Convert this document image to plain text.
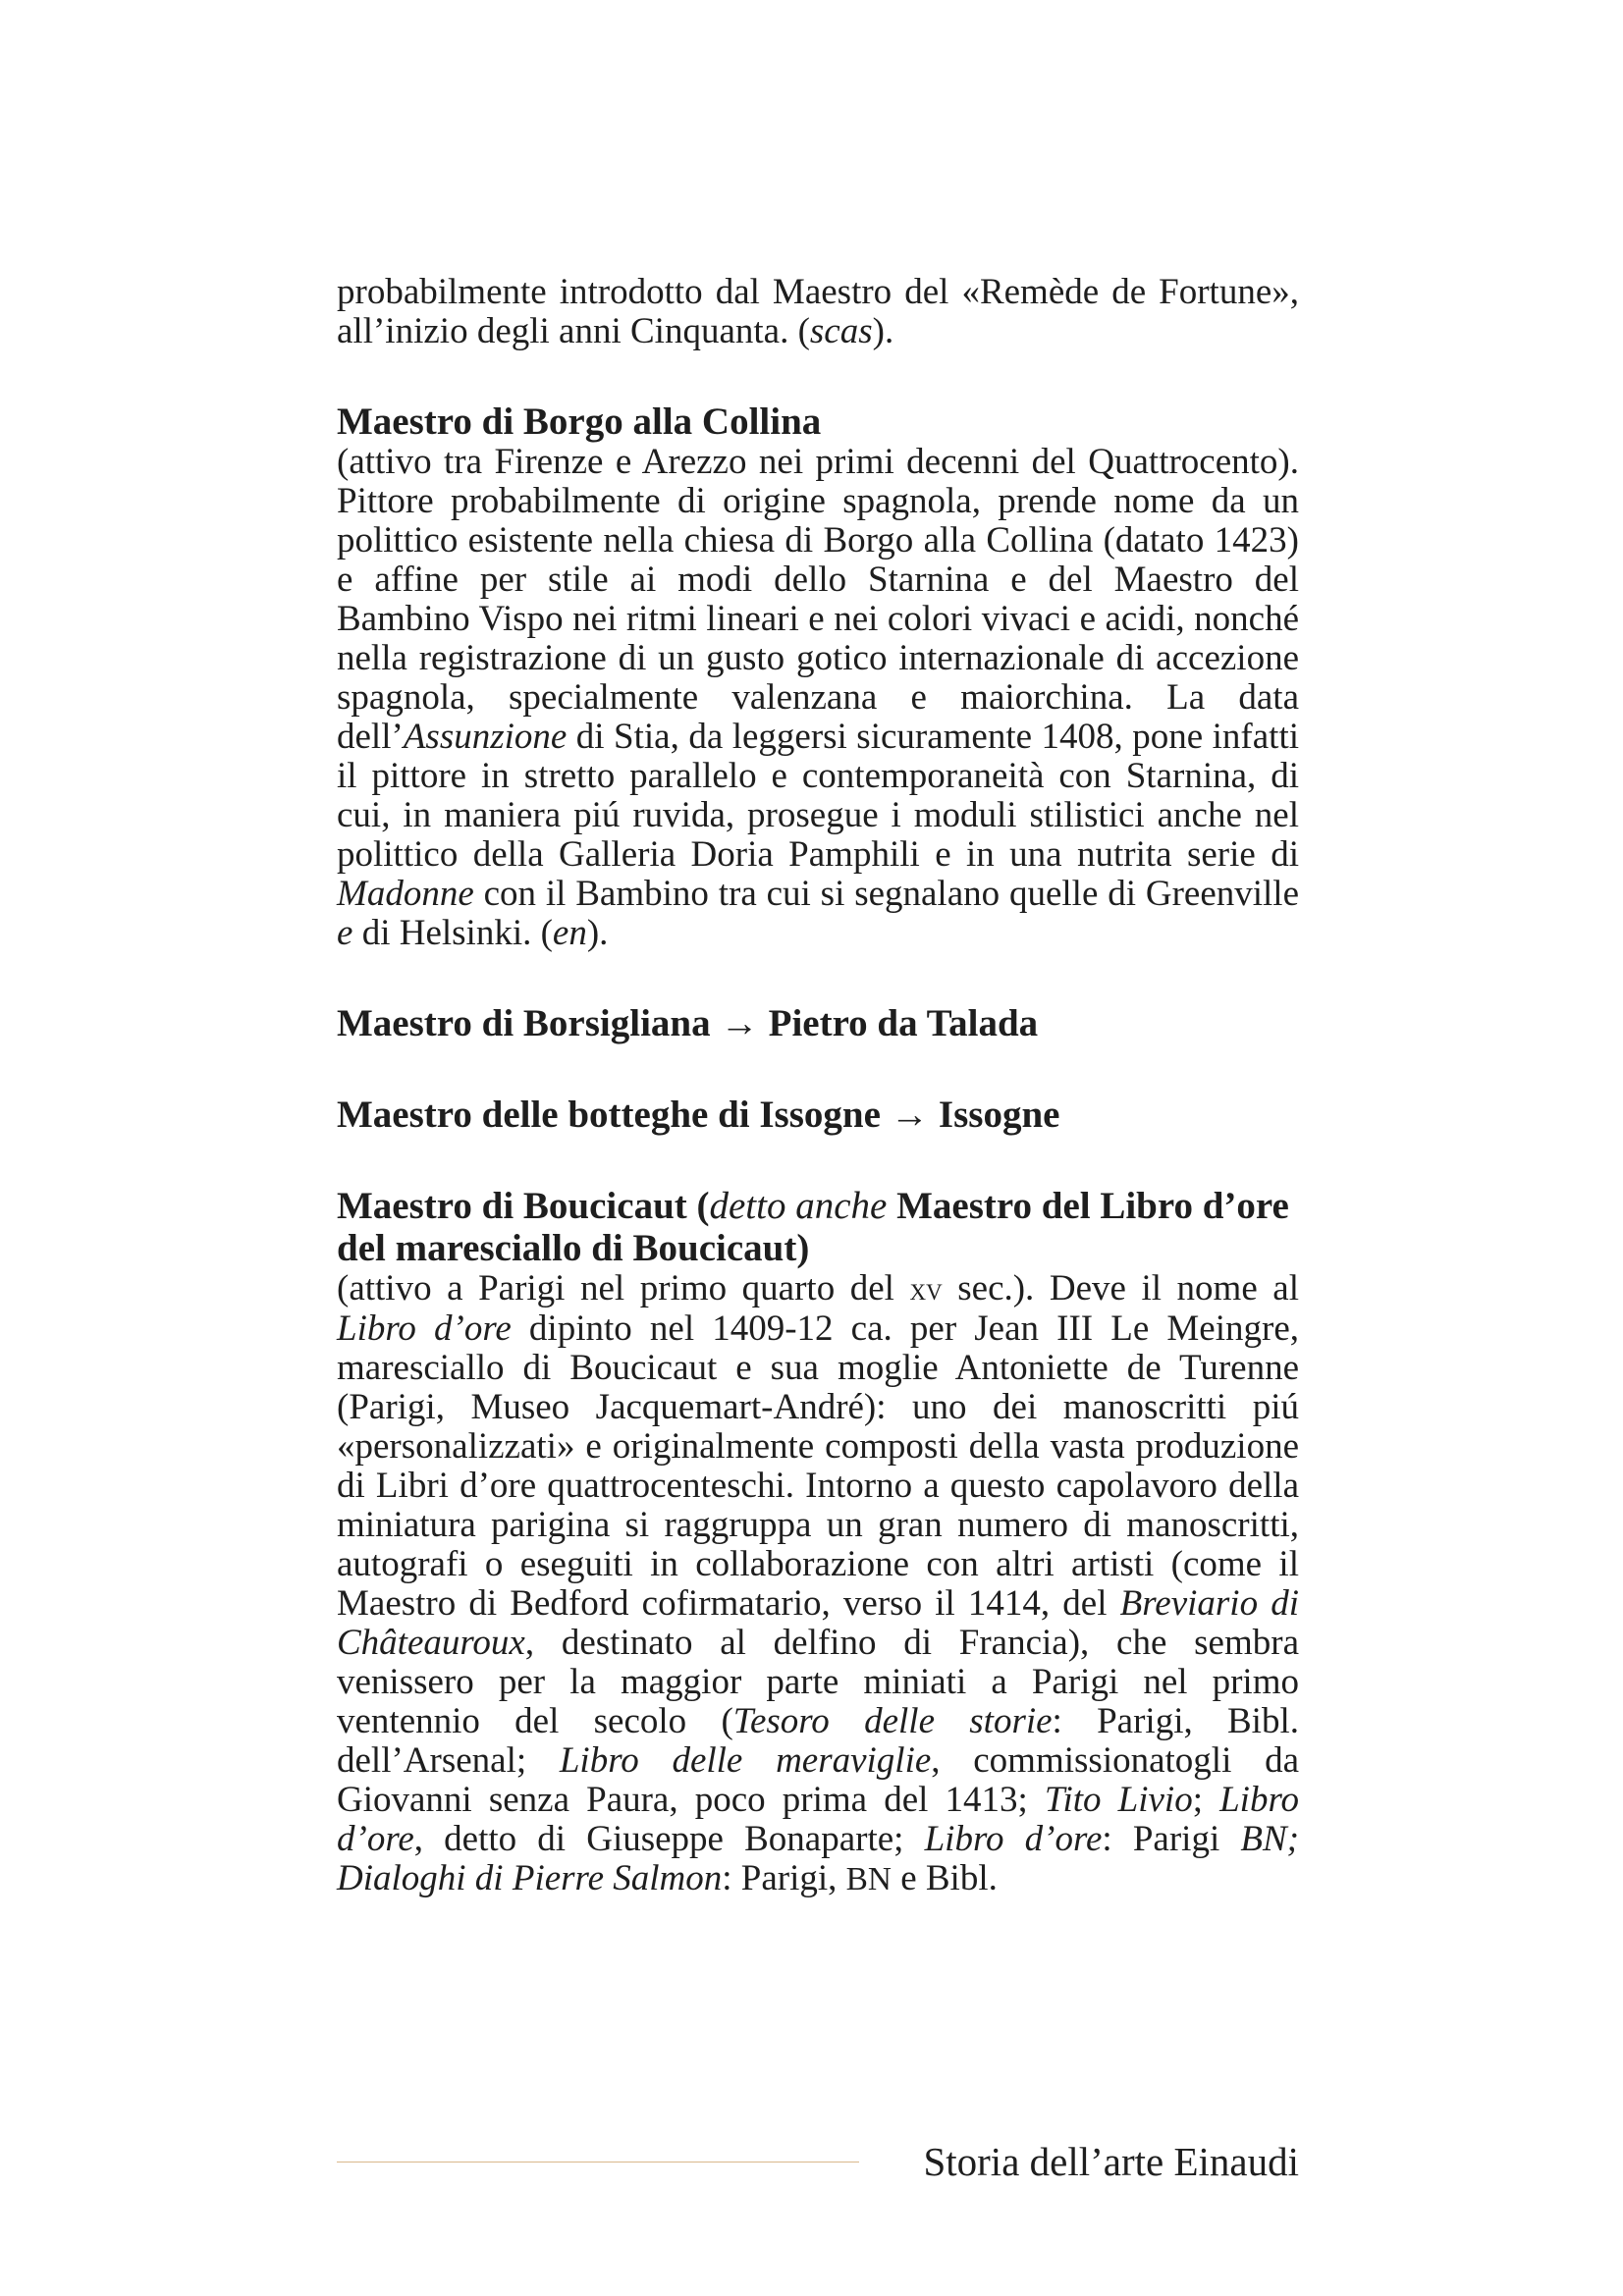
probabilmente introdotto dal Maestro del «Remède de Fortune», all’inizio degli anni Cinquanta. (scas).

Maestro di Borgo alla Collina

(attivo tra Firenze e Arezzo nei primi decenni del Quattrocento). Pittore probabilmente di origine spagnola, prende nome da un polittico esistente nella chiesa di Borgo alla Collina (datato 1423) e affine per stile ai modi dello Starnina e del Maestro del Bambino Vispo nei ritmi lineari e nei colori vivaci e acidi, nonché nella registrazione di un gusto gotico internazionale di accezione spagnola, specialmente valenzana e maiorchina. La data dell’Assunzione di Stia, da leggersi sicuramente 1408, pone infatti il pittore in stretto parallelo e contemporaneità con Starnina, di cui, in maniera piú ruvida, prosegue i moduli stilistici anche nel polittico della Galleria Doria Pamphili e in una nutrita serie di Madonne con il Bambino tra cui si segnalano quelle di Greenville e di Helsinki. (en).

Maestro di Borsigliana → Pietro da Talada
Maestro delle botteghe di Issogne → Issogne
Maestro di Boucicaut (detto anche Maestro del Libro d’ore del maresciallo di Boucicaut)

(attivo a Parigi nel primo quarto del xv sec.). Deve il nome al Libro d’ore dipinto nel 1409-12 ca. per Jean III Le Meingre, maresciallo di Boucicaut e sua moglie Antoniette de Turenne (Parigi, Museo Jacquemart-André): uno dei manoscritti piú «personalizzati» e originalmente composti della vasta produzione di Libri d’ore quattrocenteschi. Intorno a questo capolavoro della miniatura parigina si raggruppa un gran numero di manoscritti, autografi o eseguiti in collaborazione con altri artisti (come il Maestro di Bedford cofirmatario, verso il 1414, del Breviario di Châteauroux, destinato al delfino di Francia), che sembra venissero per la maggior parte miniati a Parigi nel primo ventennio del secolo (Tesoro delle storie: Parigi, Bibl. dell’Arsenal; Libro delle meraviglie, commissionatogli da Giovanni senza Paura, poco prima del 1413; Tito Livio; Libro d’ore, detto di Giuseppe Bonaparte; Libro d’ore: Parigi BN; Dialoghi di Pierre Salmon: Parigi, BN e Bibl.

Storia dell’arte Einaudi
